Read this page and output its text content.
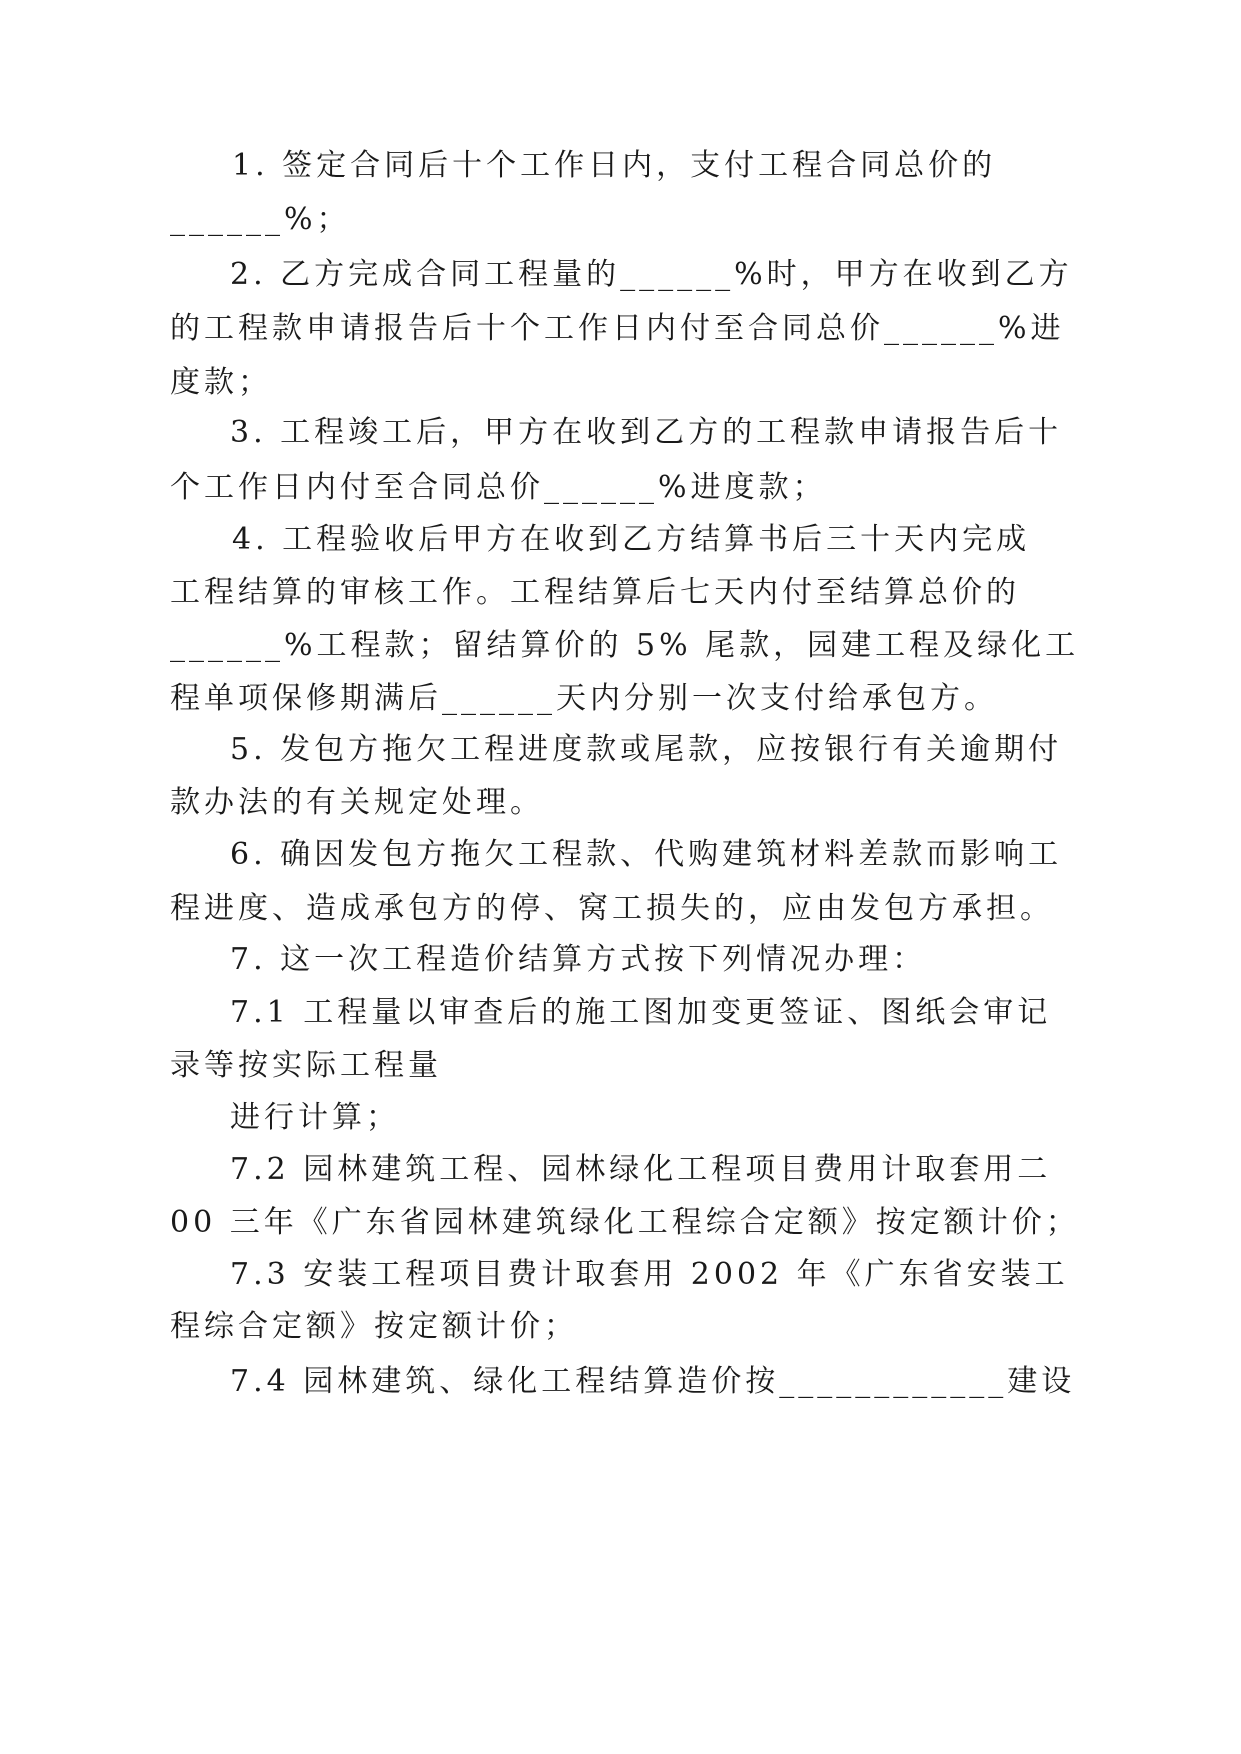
1. 签定合同后十个工作日内，支付工程合同总价的
______%；
2. 乙方完成合同工程量的______%时，甲方在收到乙方
的工程款申请报告后十个工作日内付至合同总价______%进
度款；
3. 工程竣工后，甲方在收到乙方的工程款申请报告后十
个工作日内付至合同总价______%进度款；
4. 工程验收后甲方在收到乙方结算书后三十天内完成
工程结算的审核工作。工程结算后七天内付至结算总价的
______%工程款；留结算价的 5% 尾款，园建工程及绿化工
程单项保修期满后______天内分别一次支付给承包方。
5. 发包方拖欠工程进度款或尾款，应按银行有关逾期付
款办法的有关规定处理。
6. 确因发包方拖欠工程款、代购建筑材料差款而影响工
程进度、造成承包方的停、窝工损失的，应由发包方承担。
7. 这一次工程造价结算方式按下列情况办理：
7.1 工程量以审查后的施工图加变更签证、图纸会审记
录等按实际工程量
进行计算；
7.2 园林建筑工程、园林绿化工程项目费用计取套用二
00 三年《广东省园林建筑绿化工程综合定额》按定额计价；
7.3 安装工程项目费计取套用 2002 年《广东省安装工
程综合定额》按定额计价；
7.4 园林建筑、绿化工程结算造价按____________建设
